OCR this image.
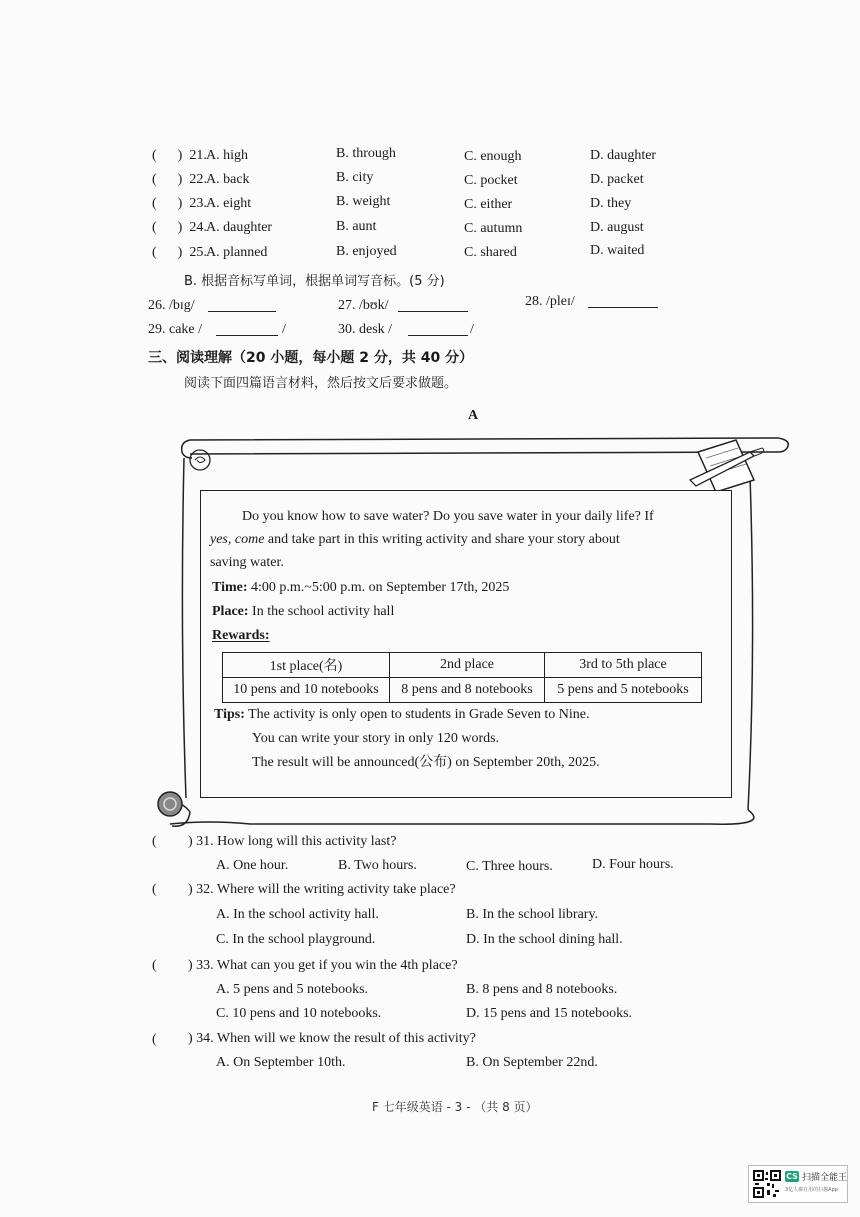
(      ) 21. A. high	B. through	C. enough	D. daughter
(      ) 22. A. back	B. city	C. pocket	D. packet
(      ) 23. A. eight	B. weight	C. either	D. they
(      ) 24. A. daughter	B. aunt	C. autumn	D. august
(      ) 25. A. planned	B. enjoyed	C. shared	D. waited
B. 根据音标写单词，根据单词写音标。(5 分)
26. /bɪg/	27. /bʊk/	28. /pleɪ/
29. cake /	/	30. desk /	/
三、阅读理解（20 小题，每小题 2 分，共 40 分）
阅读下面四篇语言材料，然后按文后要求做题。
A
Do you know how to save water? Do you save water in your daily life? If
yes, come and take part in this writing activity and share your story about
saving water.
Time: 4:00 p.m.~5:00 p.m. on September 17th, 2025
Place: In the school activity hall
Rewards:
1st place(名)	2nd place	3rd to 5th place
10 pens and 10 notebooks	8 pens and 8 notebooks	5 pens and 5 notebooks
Tips: The activity is only open to students in Grade Seven to Nine.
You can write your story in only 120 words.
The result will be announced(公布) on September 20th, 2025.
( ) 31. How long will this activity last?
A. One hour.	B. Two hours.	C. Three hours.	D. Four hours.
( ) 32. Where will the writing activity take place?
A. In the school activity hall.	B. In the school library.
C. In the school playground.	D. In the school dining hall.
( ) 33. What can you get if you win the 4th place?
A. 5 pens and 5 notebooks.	B. 8 pens and 8 notebooks.
C. 10 pens and 10 notebooks.	D. 15 pens and 15 notebooks.
( ) 34. When will we know the result of this activity?
A. On September 10th.	B. On September 22nd.
F 七年级英语 - 3 - （共 8 页）
CS 扫描全能王
3亿人都在用的扫描App
